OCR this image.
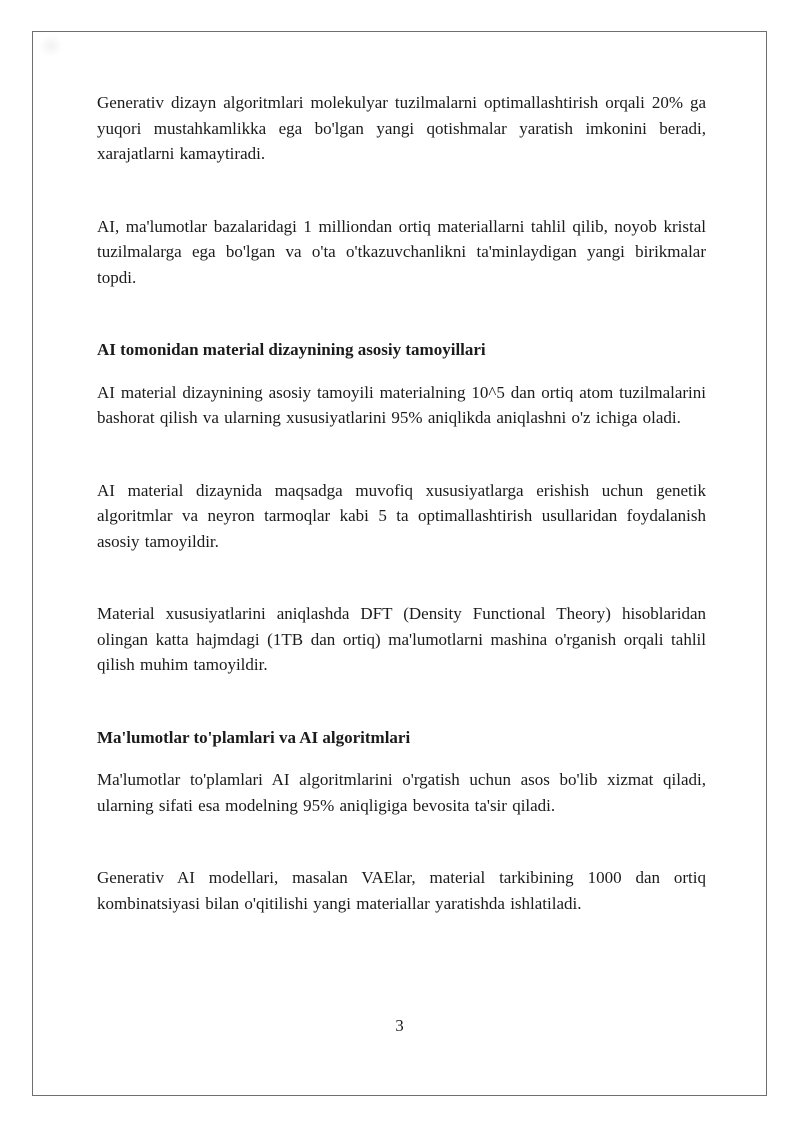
Generativ dizayn algoritmlari molekulyar tuzilmalarni optimallashtirish orqali 20% ga yuqori mustahkamlikka ega bo'lgan yangi qotishmalar yaratish imkonini beradi, xarajatlarni kamaytiradi.

AI, ma'lumotlar bazalaridagi 1 milliondan ortiq materiallarni tahlil qilib, noyob kristal tuzilmalarga ega bo'lgan va o'ta o'tkazuvchanlikni ta'minlaydigan yangi birikmalar topdi.

AI tomonidan material dizaynining asosiy tamoyillari

AI material dizaynining asosiy tamoyili materialning 10^5 dan ortiq atom tuzilmalarini bashorat qilish va ularning xususiyatlarini 95% aniqlikda aniqlashni o'z ichiga oladi.

AI material dizaynida maqsadga muvofiq xususiyatlarga erishish uchun genetik algoritmlar va neyron tarmoqlar kabi 5 ta optimallashtirish usullaridan foydalanish asosiy tamoyildir.

Material xususiyatlarini aniqlashda DFT (Density Functional Theory) hisoblaridan olingan katta hajmdagi (1TB dan ortiq) ma'lumotlarni mashina o'rganish orqali tahlil qilish muhim tamoyildir.

Ma'lumotlar to'plamlari va AI algoritmlari

Ma'lumotlar to'plamlari AI algoritmlarini o'rgatish uchun asos bo'lib xizmat qiladi, ularning sifati esa modelning 95% aniqligiga bevosita ta'sir qiladi.

Generativ AI modellari, masalan VAElar, material tarkibining 1000 dan ortiq kombinatsiyasi bilan o'qitilishi yangi materiallar yaratishda ishlatiladi.

3
